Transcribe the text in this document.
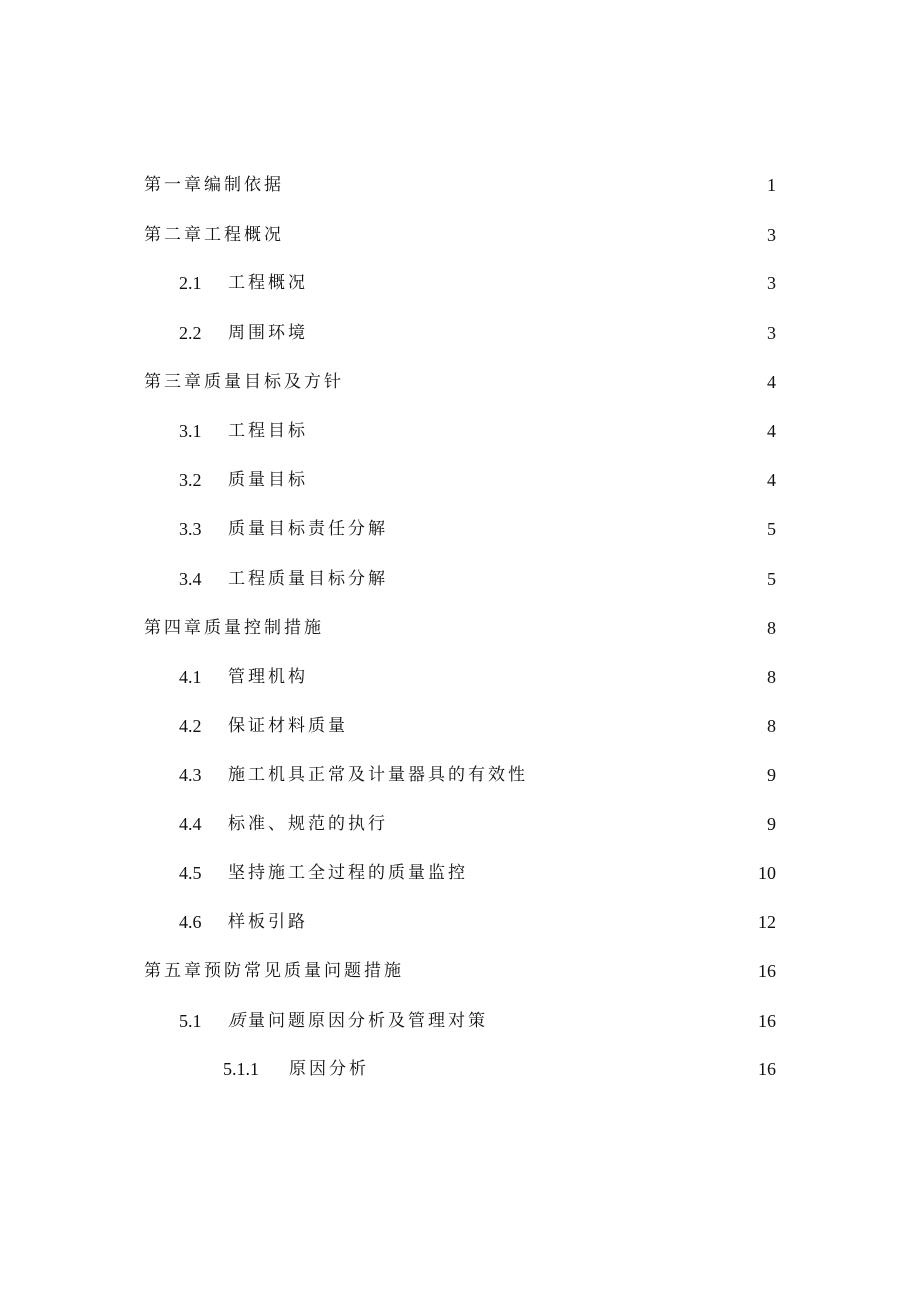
第一章编制依据	1
第二章工程概况	3
2.1	工程概况	3
2.2	周围环境	3
第三章质量目标及方针	4
3.1	工程目标	4
3.2	质量目标	4
3.3	质量目标责任分解	5
3.4	工程质量目标分解	5
第四章质量控制措施	8
4.1	管理机构	8
4.2	保证材料质量	8
4.3	施工机具正常及计量器具的有效性	9
4.4	标准、规范的执行	9
4.5	坚持施工全过程的质量监控	10
4.6	样板引路	12
第五章预防常见质量问题措施	16
5.1	质量问题原因分析及管理对策	16
5.1.1	原因分析	16
